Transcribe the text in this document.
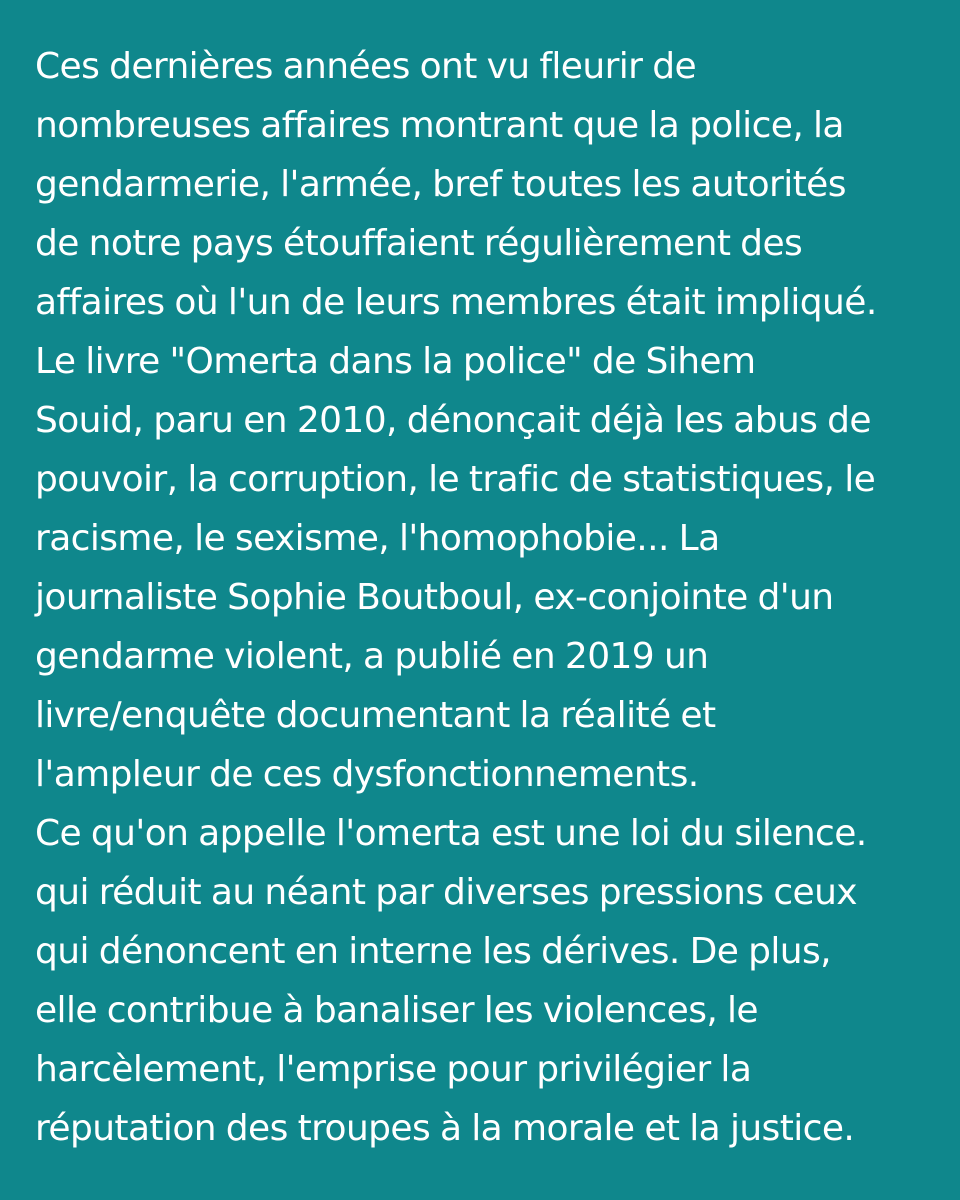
Ces dernières années ont vu fleurir de
nombreuses affaires montrant que la police, la
gendarmerie, l'armée, bref toutes les autorités
de notre pays étouffaient régulièrement des
affaires où l'un de leurs membres était impliqué.
Le livre "Omerta dans la police" de Sihem
Souid, paru en 2010, dénonçait déjà les abus de
pouvoir, la corruption, le trafic de statistiques, le
racisme, le sexisme, l'homophobie... La
journaliste Sophie Boutboul, ex-conjointe d'un
gendarme violent, a publié en 2019 un
livre/enquête documentant la réalité et
l'ampleur de ces dysfonctionnements.
Ce qu'on appelle l'omerta est une loi du silence.
qui réduit au néant par diverses pressions ceux
qui dénoncent en interne les dérives. De plus,
elle contribue à banaliser les violences, le
harcèlement, l'emprise pour privilégier la
réputation des troupes à la morale et la justice.
